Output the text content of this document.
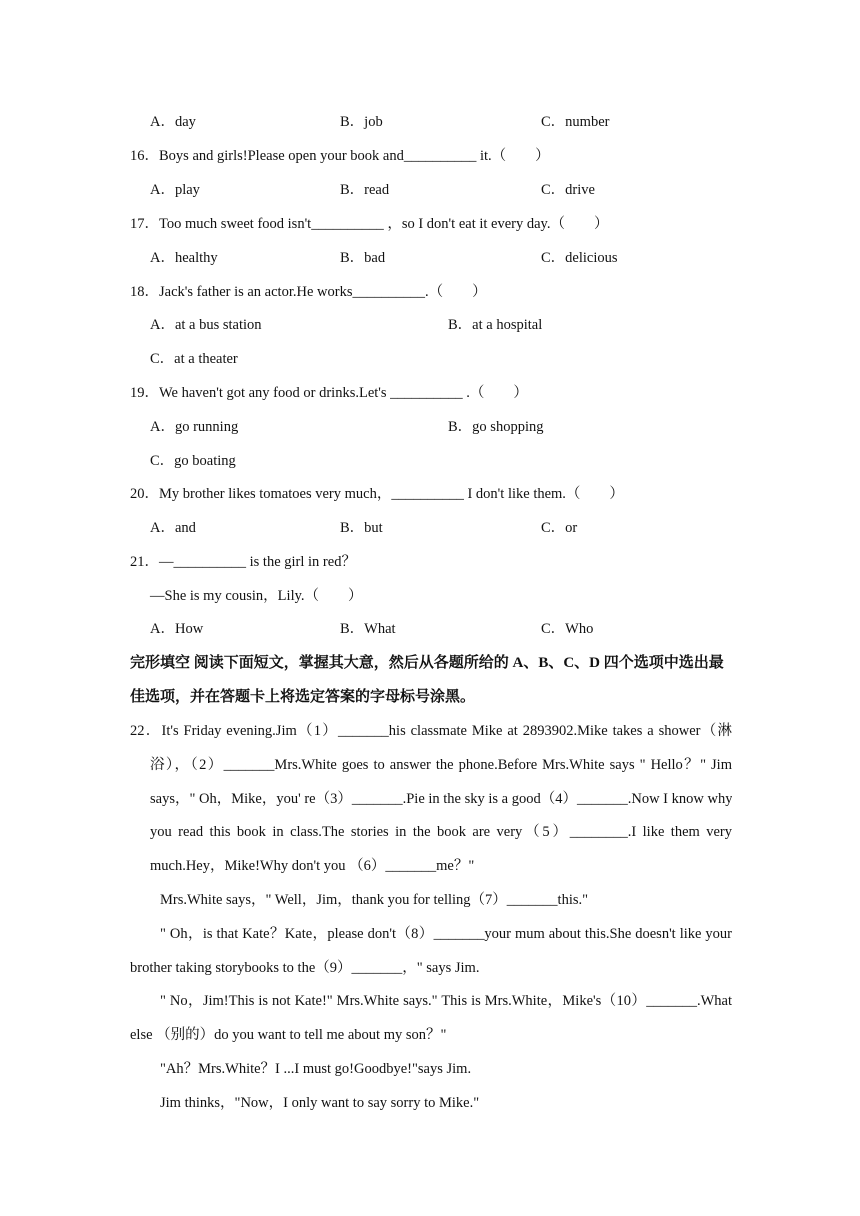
A．day	B．job	C．number
16．Boys and girls!Please open your book and__________ it.（　　）
A．play	B．read	C．drive
17．Too much sweet food isn't__________ ，so I don't eat it every day.（　　）
A．healthy	B．bad	C．delicious
18．Jack's father is an actor.He works__________.（　　）
A．at a bus station	B．at a hospital
C．at a theater
19．We haven't got any food or drinks.Let's __________ .（　　）
A．go running	B．go shopping
C．go boating
20．My brother likes tomatoes very much，__________ I don't like them.（　　）
A．and	B．but	C．or
21．—__________ is the girl in red？
—She is my cousin，Lily.（　　）
A．How	B．What	C．Who
完形填空 阅读下面短文，掌握其大意，然后从各题所给的 A、B、C、D 四个选项中选出最
佳选项，并在答题卡上将选定答案的字母标号涂黑。
22．It's Friday evening.Jim（1）_______his classmate Mike at 2893902.Mike takes a shower（淋
浴），（2）_______Mrs.White goes to answer the phone.Before Mrs.White says " Hello？" Jim
says，" Oh，Mike，you' re（3）_______.Pie in the sky is a good（4）_______.Now I know why
you read this book in class.The stories in the book are very（5）________.I like them very
much.Hey，Mike!Why don't you （6）_______me？"
Mrs.White says，" Well，Jim，thank you for telling（7）_______this."
" Oh，is that Kate？Kate，please don't（8）_______your mum about this.She doesn't like your
brother taking storybooks to the（9）_______，" says Jim.
" No，Jim!This is not Kate!" Mrs.White says." This is Mrs.White，Mike's（10）_______.What
else （别的）do you want to tell me about my son？"
"Ah？Mrs.White？I ...I must go!Goodbye!"says Jim.
Jim thinks，"Now，I only want to say sorry to Mike."
